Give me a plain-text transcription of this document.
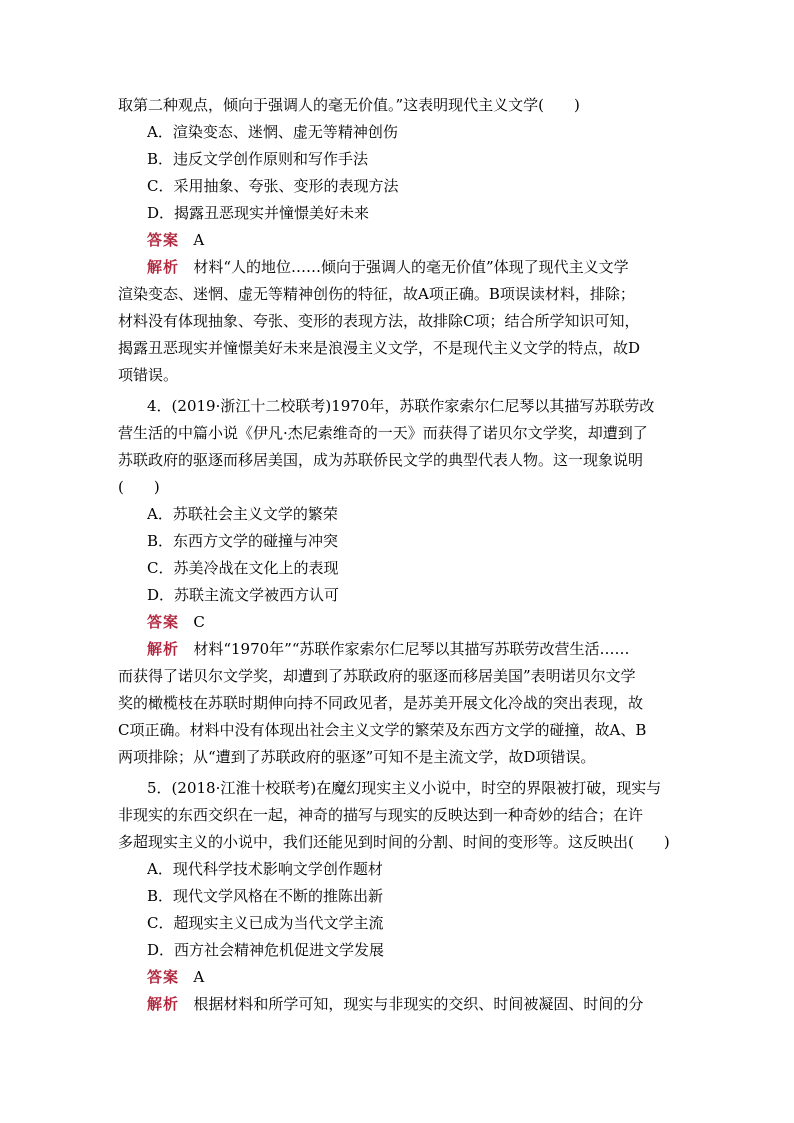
取第二种观点，倾向于强调人的毫无价值。”这表明现代主义文学(　　)
A．渲染变态、迷惘、虚无等精神创伤
B．违反文学创作原则和写作手法
C．采用抽象、夸张、变形的表现方法
D．揭露丑恶现实并憧憬美好未来
答案 A
解析 材料“人的地位……倾向于强调人的毫无价值”体现了现代主义文学
渲染变态、迷惘、虚无等精神创伤的特征，故A项正确。B项误读材料，排除；
材料没有体现抽象、夸张、变形的表现方法，故排除C项；结合所学知识可知，
揭露丑恶现实并憧憬美好未来是浪漫主义文学，不是现代主义文学的特点，故D
项错误。
4．(2019·浙江十二校联考)1970年，苏联作家索尔仁尼琴以其描写苏联劳改
营生活的中篇小说《伊凡·杰尼索维奇的一天》而获得了诺贝尔文学奖，却遭到了
苏联政府的驱逐而移居美国，成为苏联侨民文学的典型代表人物。这一现象说明
(　　)
A．苏联社会主义文学的繁荣
B．东西方文学的碰撞与冲突
C．苏美冷战在文化上的表现
D．苏联主流文学被西方认可
答案 C
解析 材料“1970年”“苏联作家索尔仁尼琴以其描写苏联劳改营生活……
而获得了诺贝尔文学奖，却遭到了苏联政府的驱逐而移居美国”表明诺贝尔文学
奖的橄榄枝在苏联时期伸向持不同政见者，是苏美开展文化冷战的突出表现，故
C项正确。材料中没有体现出社会主义文学的繁荣及东西方文学的碰撞，故A、B
两项排除；从“遭到了苏联政府的驱逐”可知不是主流文学，故D项错误。
5．(2018·江淮十校联考)在魔幻现实主义小说中，时空的界限被打破，现实与
非现实的东西交织在一起，神奇的描写与现实的反映达到一种奇妙的结合；在许
多超现实主义的小说中，我们还能见到时间的分割、时间的变形等。这反映出(　　)
A．现代科学技术影响文学创作题材
B．现代文学风格在不断的推陈出新
C．超现实主义已成为当代文学主流
D．西方社会精神危机促进文学发展
答案 A
解析 根据材料和所学可知，现实与非现实的交织、时间被凝固、时间的分
